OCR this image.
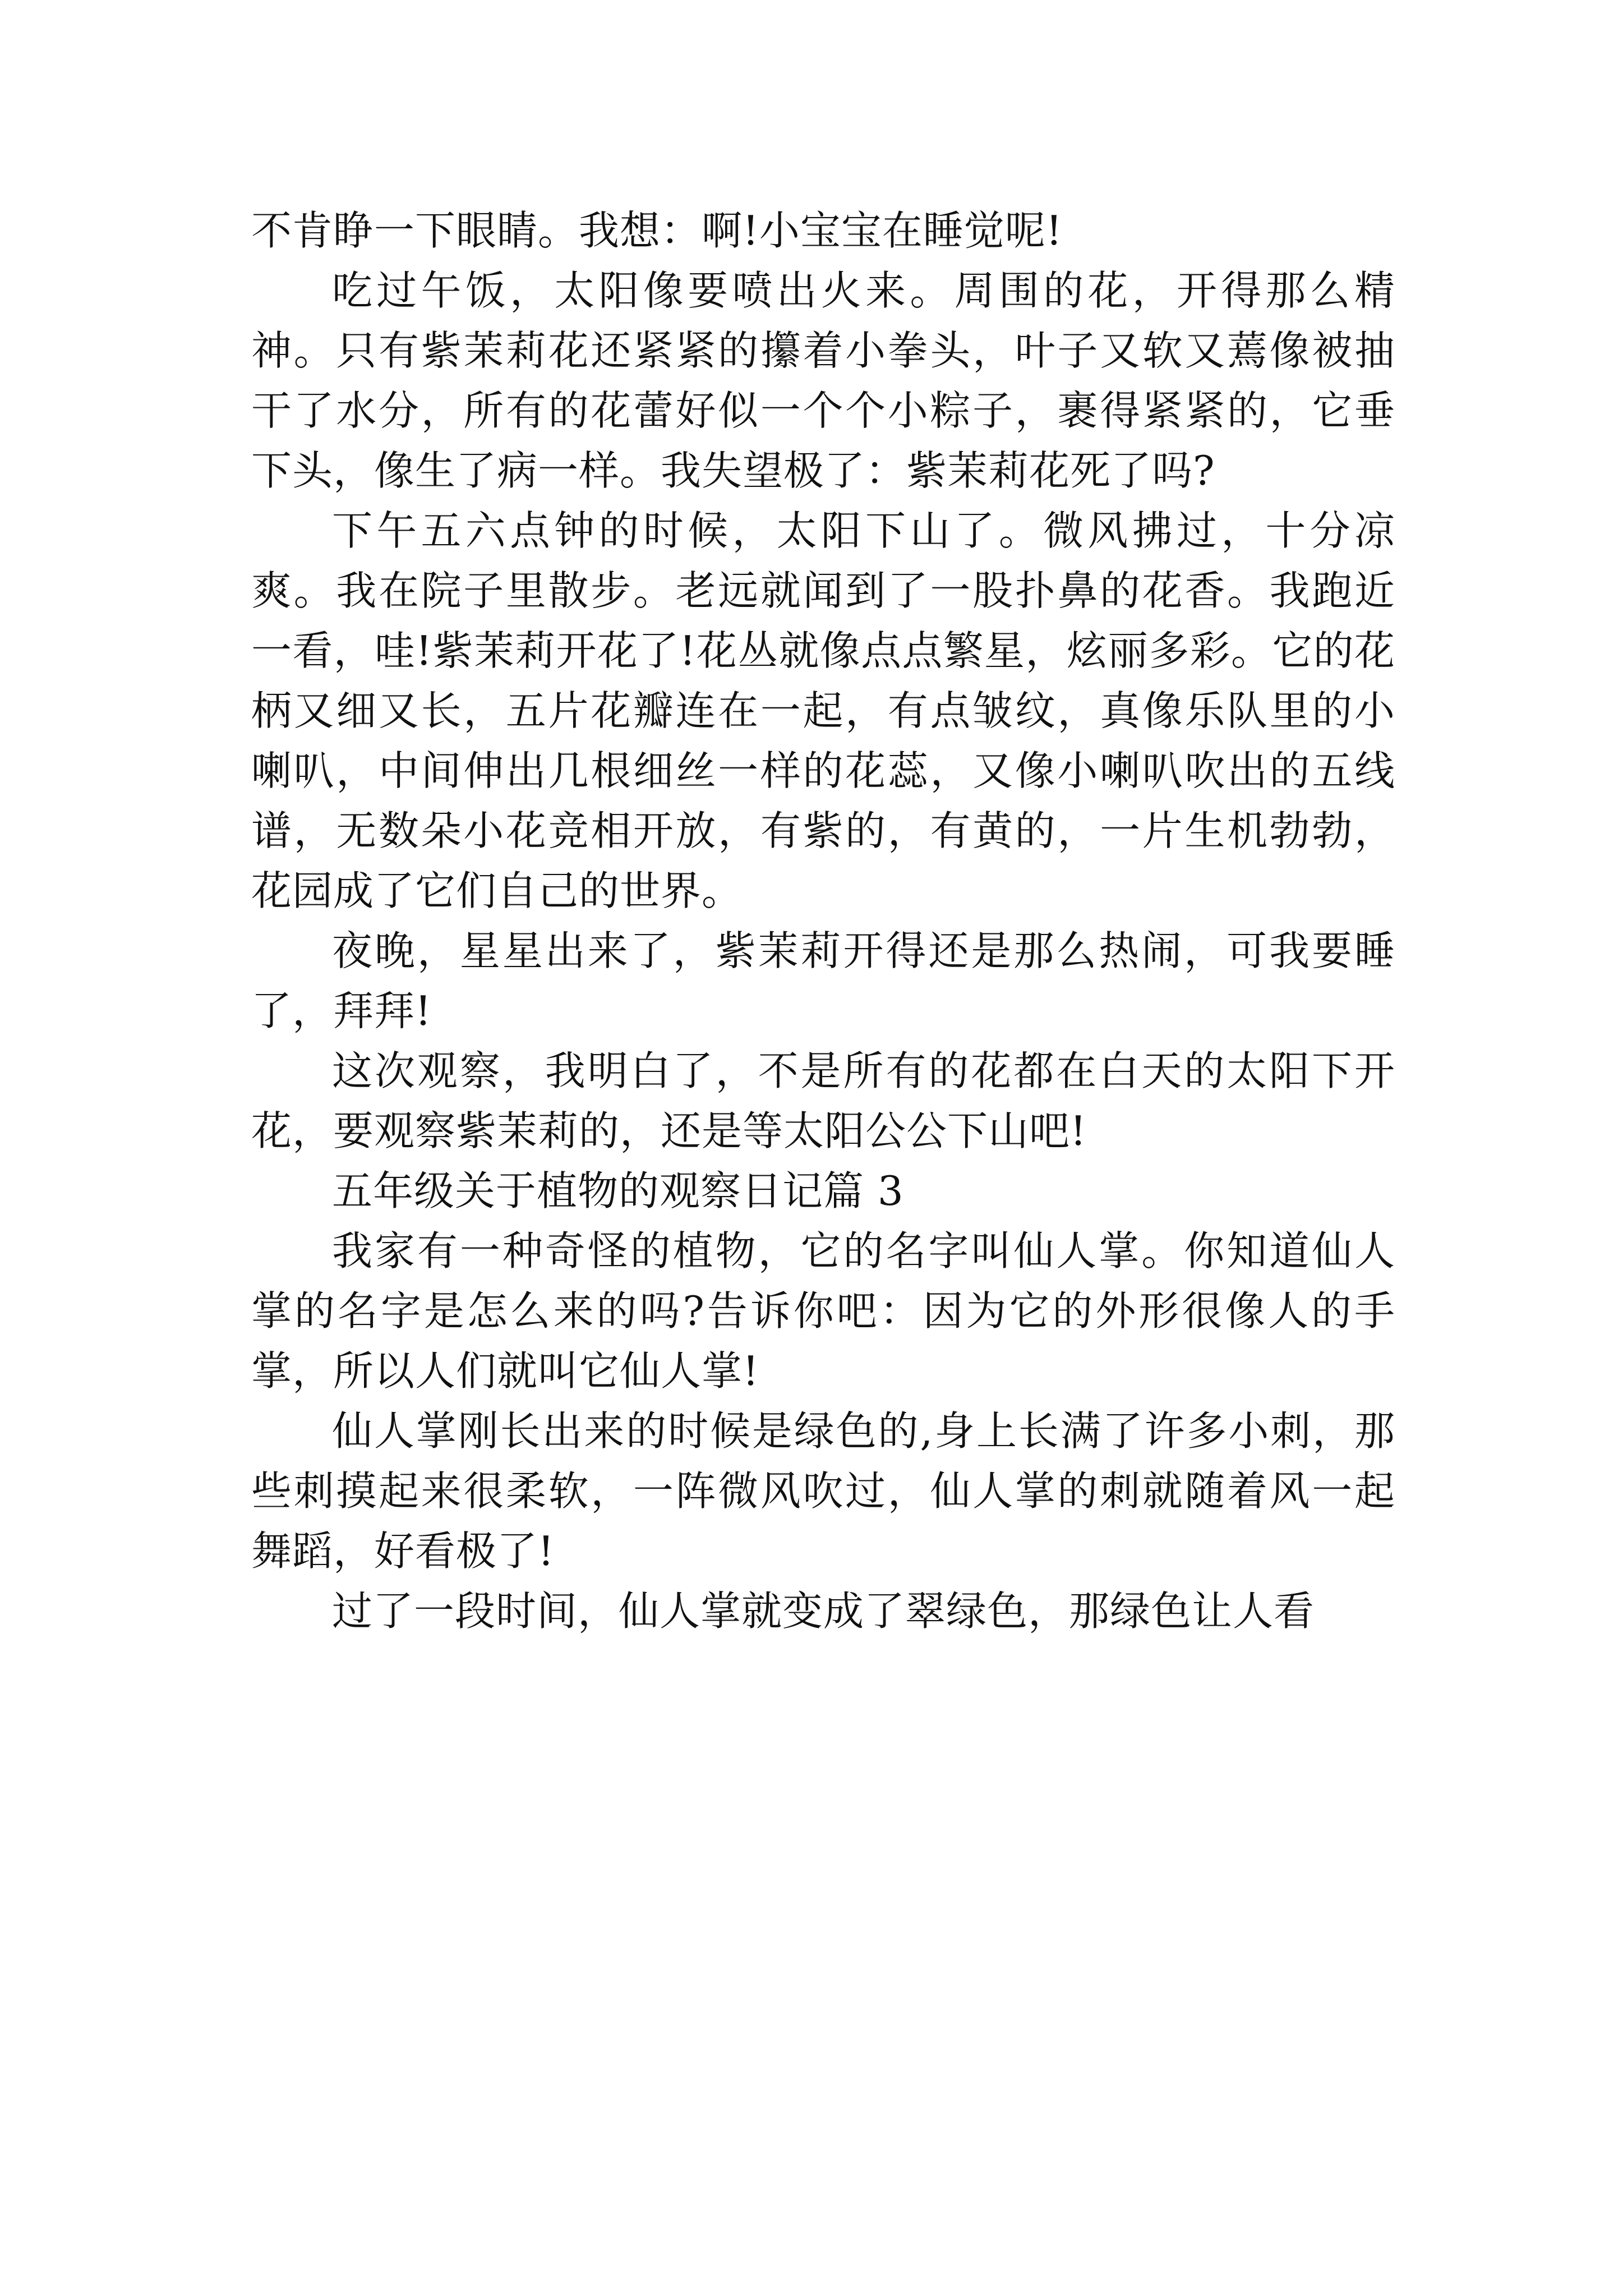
不肯睁一下眼睛。我想：啊!小宝宝在睡觉呢!

吃过午饭，太阳像要喷出火来。周围的花，开得那么精神。只有紫茉莉花还紧紧的攥着小拳头，叶子又软又蔫像被抽干了水分，所有的花蕾好似一个个小粽子，裹得紧紧的，它垂下头，像生了病一样。我失望极了：紫茉莉花死了吗?

下午五六点钟的时候，太阳下山了。微风拂过，十分凉爽。我在院子里散步。老远就闻到了一股扑鼻的花香。我跑近一看，哇!紫茉莉开花了!花丛就像点点繁星，炫丽多彩。它的花柄又细又长，五片花瓣连在一起，有点皱纹，真像乐队里的小喇叭，中间伸出几根细丝一样的花蕊，又像小喇叭吹出的五线谱，无数朵小花竞相开放，有紫的，有黄的，一片生机勃勃，花园成了它们自己的世界。

夜晚，星星出来了，紫茉莉开得还是那么热闹，可我要睡了，拜拜!

这次观察，我明白了，不是所有的花都在白天的太阳下开花，要观察紫茉莉的，还是等太阳公公下山吧!

五年级关于植物的观察日记篇 3

我家有一种奇怪的植物，它的名字叫仙人掌。你知道仙人掌的名字是怎么来的吗?告诉你吧：因为它的外形很像人的手掌，所以人们就叫它仙人掌!

仙人掌刚长出来的时候是绿色的,身上长满了许多小刺，那些刺摸起来很柔软，一阵微风吹过，仙人掌的刺就随着风一起舞蹈，好看极了!

过了一段时间，仙人掌就变成了翠绿色，那绿色让人看
